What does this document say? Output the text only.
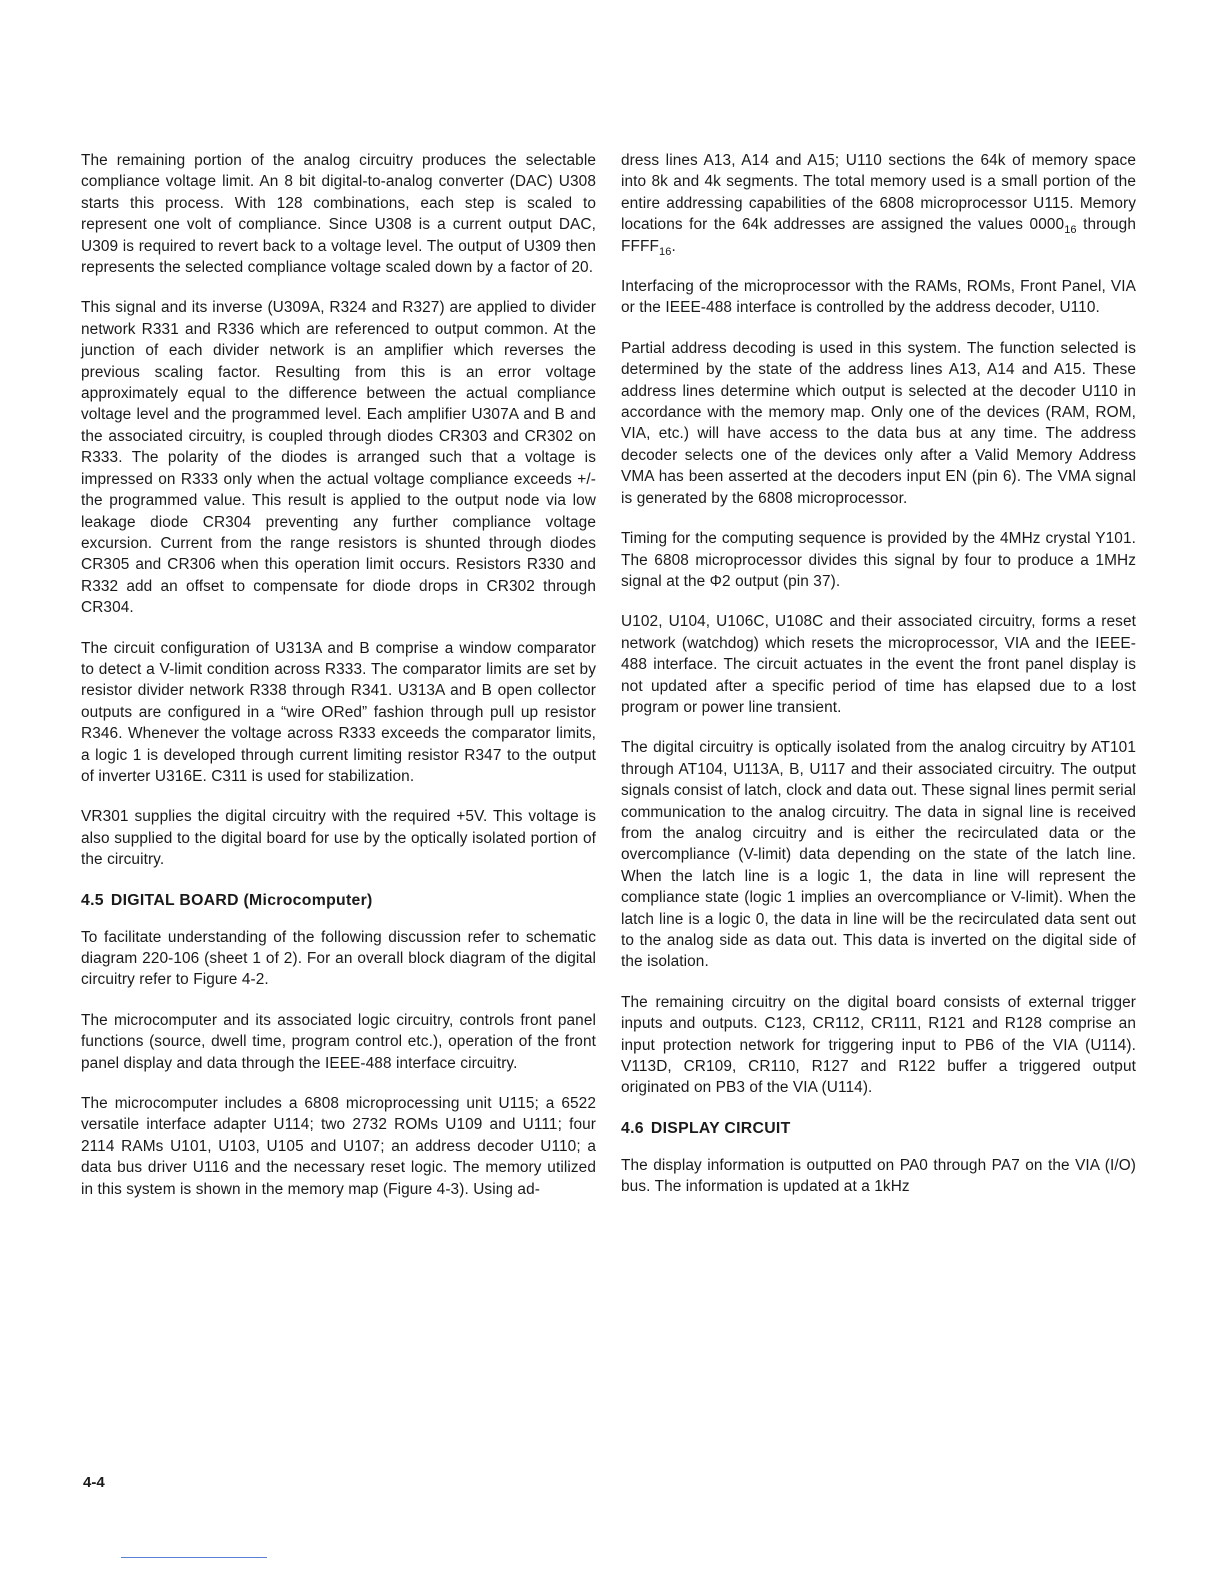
The remaining portion of the analog circuitry produces the selectable compliance voltage limit. An 8 bit digital-to-analog converter (DAC) U308 starts this process. With 128 combinations, each step is scaled to represent one volt of compliance. Since U308 is a current output DAC, U309 is required to revert back to a voltage level. The output of U309 then represents the selected compliance voltage scaled down by a factor of 20.

This signal and its inverse (U309A, R324 and R327) are applied to divider network R331 and R336 which are referenced to output common. At the junction of each divider network is an amplifier which reverses the previous scaling factor. Resulting from this is an error voltage approximately equal to the difference between the actual compliance voltage level and the programmed level. Each amplifier U307A and B and the associated circuitry, is coupled through diodes CR303 and CR302 on R333. The polarity of the diodes is arranged such that a voltage is impressed on R333 only when the actual voltage compliance exceeds +/- the programmed value. This result is applied to the output node via low leakage diode CR304 preventing any further compliance voltage excursion. Current from the range resistors is shunted through diodes CR305 and CR306 when this operation limit occurs. Resistors R330 and R332 add an offset to compensate for diode drops in CR302 through CR304.

The circuit configuration of U313A and B comprise a window comparator to detect a V-limit condition across R333. The comparator limits are set by resistor divider network R338 through R341. U313A and B open collector outputs are configured in a “wire ORed” fashion through pull up resistor R346. Whenever the voltage across R333 exceeds the comparator limits, a logic 1 is developed through current limiting resistor R347 to the output of inverter U316E. C311 is used for stabilization.

VR301 supplies the digital circuitry with the required +5V. This voltage is also supplied to the digital board for use by the optically isolated portion of the circuitry.

4.5 DIGITAL BOARD (Microcomputer)

To facilitate understanding of the following discussion refer to schematic diagram 220-106 (sheet 1 of 2). For an overall block diagram of the digital circuitry refer to Figure 4-2.

The microcomputer and its associated logic circuitry, controls front panel functions (source, dwell time, program control etc.), operation of the front panel display and data through the IEEE-488 interface circuitry.

The microcomputer includes a 6808 microprocessing unit U115; a 6522 versatile interface adapter U114; two 2732 ROMs U109 and U111; four 2114 RAMs U101, U103, U105 and U107; an address decoder U110; a data bus driver U116 and the necessary reset logic. The memory utilized in this system is shown in the memory map (Figure 4-3). Using ad-

dress lines A13, A14 and A15; U110 sections the 64k of memory space into 8k and 4k segments. The total memory used is a small portion of the entire addressing capabilities of the 6808 microprocessor U115. Memory locations for the 64k addresses are assigned the values $0000_{16}$ through $FFFF_{16}$.

Interfacing of the microprocessor with the RAMs, ROMs, Front Panel, VIA or the IEEE-488 interface is controlled by the address decoder, U110.

Partial address decoding is used in this system. The function selected is determined by the state of the address lines A13, A14 and A15. These address lines determine which output is selected at the decoder U110 in accordance with the memory map. Only one of the devices (RAM, ROM, VIA, etc.) will have access to the data bus at any time. The address decoder selects one of the devices only after a Valid Memory Address VMA has been asserted at the decoders input EN (pin 6). The VMA signal is generated by the 6808 microprocessor.

Timing for the computing sequence is provided by the 4MHz crystal Y101. The 6808 microprocessor divides this signal by four to produce a 1MHz signal at the Φ2 output (pin 37).

U102, U104, U106C, U108C and their associated circuitry, forms a reset network (watchdog) which resets the microprocessor, VIA and the IEEE-488 interface. The circuit actuates in the event the front panel display is not updated after a specific period of time has elapsed due to a lost program or power line transient.

The digital circuitry is optically isolated from the analog circuitry by AT101 through AT104, U113A, B, U117 and their associated circuitry. The output signals consist of latch, clock and data out. These signal lines permit serial communication to the analog circuitry. The data in signal line is received from the analog circuitry and is either the recirculated data or the overcompliance (V-limit) data depending on the state of the latch line. When the latch line is a logic 1, the data in line will represent the compliance state (logic 1 implies an overcompliance or V-limit). When the latch line is a logic 0, the data in line will be the recirculated data sent out to the analog side as data out. This data is inverted on the digital side of the isolation.

The remaining circuitry on the digital board consists of external trigger inputs and outputs. C123, CR112, CR111, R121 and R128 comprise an input protection network for triggering input to PB6 of the VIA (U114). V113D, CR109, CR110, R127 and R122 buffer a triggered output originated on PB3 of the VIA (U114).

4.6 DISPLAY CIRCUIT

The display information is outputted on PA0 through PA7 on the VIA (I/O) bus. The information is updated at a 1kHz

4-4
